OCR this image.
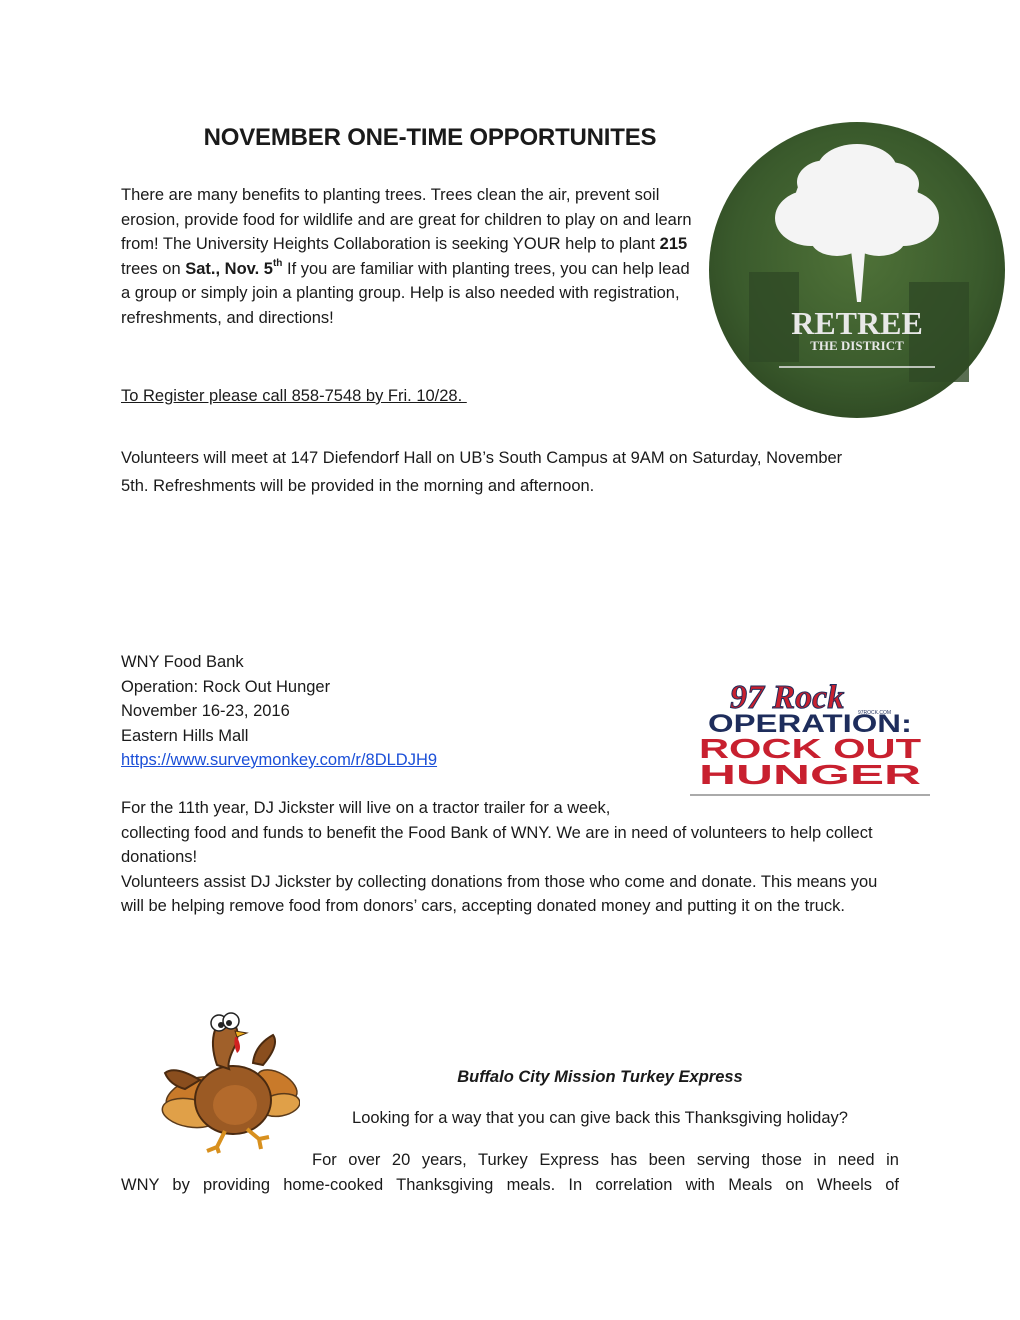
NOVEMBER ONE-TIME OPPORTUNITES
There are many benefits to planting trees. Trees clean the air, prevent soil erosion, provide food for wildlife and are great for children to play on and learn from! The University Heights Collaboration is seeking YOUR help to plant 215 trees on Sat., Nov. 5th If you are familiar with planting trees, you can help lead a group or simply join a planting group. Help is also needed with registration, refreshments, and directions!
To Register please call 858-7548 by Fri. 10/28.
Volunteers will meet at 147 Diefendorf Hall on UB’s South Campus at 9AM on Saturday, November 5th. Refreshments will be provided in the morning and afternoon.
RETREE
THE DISTRICT
WNY Food Bank
Operation: Rock Out Hunger
November 16-23, 2016
Eastern Hills Mall
https://www.surveymonkey.com/r/8DLDJH9
97 Rock	97ROCK.COM
OPERATION:
ROCK OUT
HUNGER
For the 11th year, DJ Jickster will live on a tractor trailer for a week,
collecting food and funds to benefit the Food Bank of WNY. We are in need of volunteers to help collect donations!
Volunteers assist DJ Jickster by collecting donations from those who come and donate. This means you will be helping remove food from donors’ cars, accepting donated money and putting it on the truck.
Buffalo City Mission Turkey Express
Looking for a way that you can give back this Thanksgiving holiday?

For over 20 years, Turkey Express has been serving those in need in

WNY by providing home-cooked Thanksgiving meals. In correlation with Meals on Wheels of
